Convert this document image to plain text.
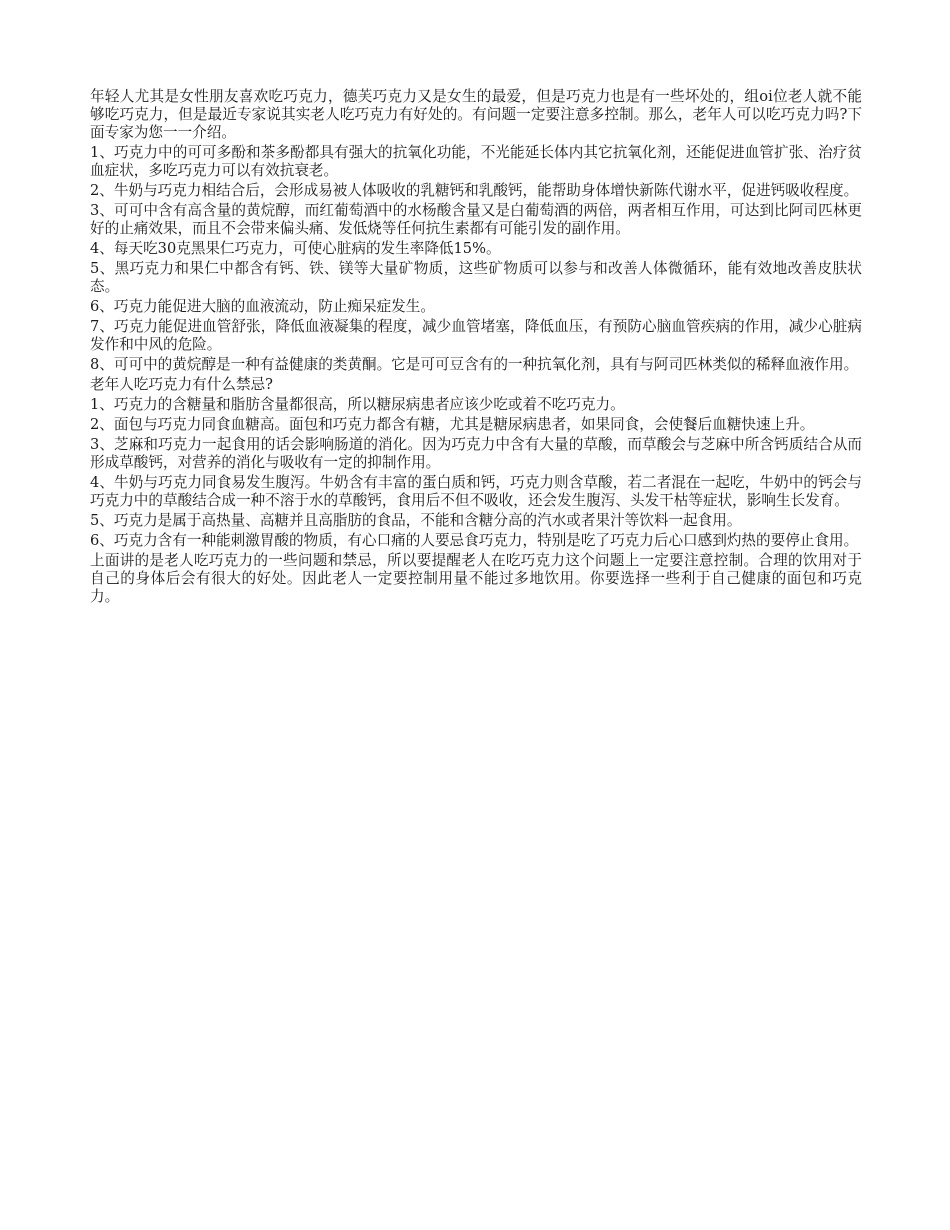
年轻人尤其是女性朋友喜欢吃巧克力，德芙巧克力又是女生的最爱，但是巧克力也是有一些坏处的，组oi位老人就不能够吃巧克力，但是最近专家说其实老人吃巧克力有好处的。有问题一定要注意多控制。那么，老年人可以吃巧克力吗?下面专家为您一一介绍。

1、巧克力中的可可多酚和茶多酚都具有强大的抗氧化功能，不光能延长体内其它抗氧化剂，还能促进血管扩张、治疗贫血症状，多吃巧克力可以有效抗衰老。

2、牛奶与巧克力相结合后，会形成易被人体吸收的乳糖钙和乳酸钙，能帮助身体增快新陈代谢水平，促进钙吸收程度。

3、可可中含有高含量的黄烷醇，而红葡萄酒中的水杨酸含量又是白葡萄酒的两倍，两者相互作用，可达到比阿司匹林更好的止痛效果，而且不会带来偏头痛、发低烧等任何抗生素都有可能引发的副作用。

4、每天吃30克黑果仁巧克力，可使心脏病的发生率降低15%。

5、黑巧克力和果仁中都含有钙、铁、镁等大量矿物质，这些矿物质可以参与和改善人体微循环，能有效地改善皮肤状态。

6、巧克力能促进大脑的血液流动，防止痴呆症发生。

7、巧克力能促进血管舒张，降低血液凝集的程度，减少血管堵塞，降低血压，有预防心脑血管疾病的作用，减少心脏病发作和中风的危险。

8、可可中的黄烷醇是一种有益健康的类黄酮。它是可可豆含有的一种抗氧化剂，具有与阿司匹林类似的稀释血液作用。

老年人吃巧克力有什么禁忌?

1、巧克力的含糖量和脂肪含量都很高，所以糖尿病患者应该少吃或着不吃巧克力。

2、面包与巧克力同食血糖高。面包和巧克力都含有糖，尤其是糖尿病患者，如果同食，会使餐后血糖快速上升。

3、芝麻和巧克力一起食用的话会影响肠道的消化。因为巧克力中含有大量的草酸，而草酸会与芝麻中所含钙质结合从而形成草酸钙，对营养的消化与吸收有一定的抑制作用。

4、牛奶与巧克力同食易发生腹泻。牛奶含有丰富的蛋白质和钙，巧克力则含草酸，若二者混在一起吃，牛奶中的钙会与巧克力中的草酸结合成一种不溶于水的草酸钙，食用后不但不吸收，还会发生腹泻、头发干枯等症状，影响生长发育。

5、巧克力是属于高热量、高糖并且高脂肪的食品，不能和含糖分高的汽水或者果汁等饮料一起食用。

6、巧克力含有一种能刺激胃酸的物质，有心口痛的人要忌食巧克力，特别是吃了巧克力后心口感到灼热的要停止食用。

上面讲的是老人吃巧克力的一些问题和禁忌，所以要提醒老人在吃巧克力这个问题上一定要注意控制。合理的饮用对于自己的身体后会有很大的好处。因此老人一定要控制用量不能过多地饮用。你要选择一些利于自己健康的面包和巧克力。
